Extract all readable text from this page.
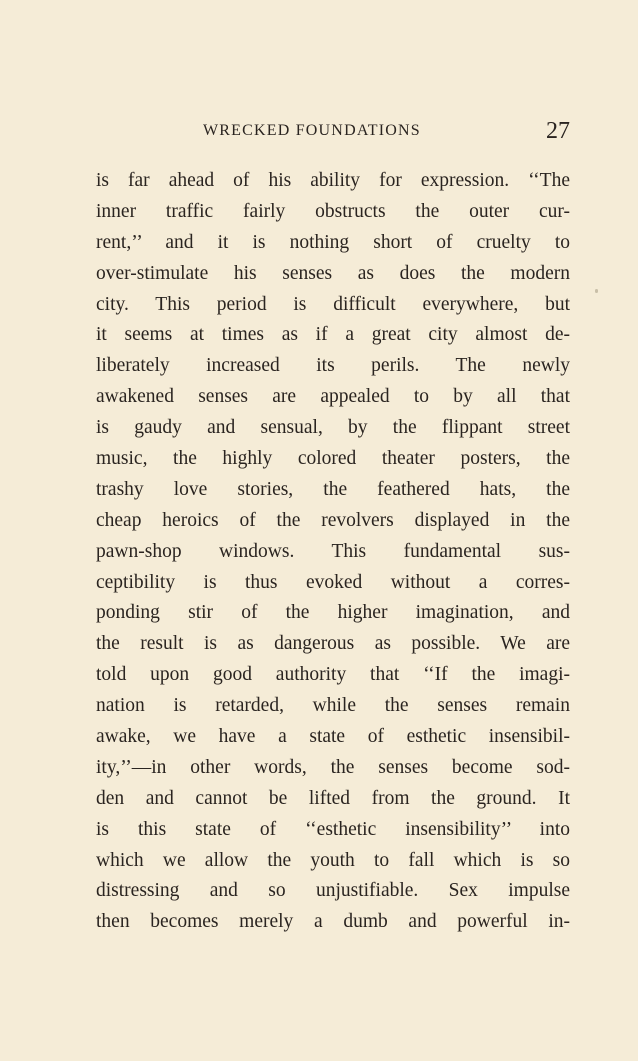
WRECKED FOUNDATIONS	27
is far ahead of his ability for expression. ‘‘The
inner traffic fairly obstructs the outer cur-
rent,’’ and it is nothing short of cruelty to
over-stimulate his senses as does the modern
city. This period is difficult everywhere, but
it seems at times as if a great city almost de-
liberately increased its perils. The newly
awakened senses are appealed to by all that
is gaudy and sensual, by the flippant street
music, the highly colored theater posters, the
trashy love stories, the feathered hats, the
cheap heroics of the revolvers displayed in the
pawn-shop windows. This fundamental sus-
ceptibility is thus evoked without a corres-
ponding stir of the higher imagination, and
the result is as dangerous as possible. We are
told upon good authority that ‘‘If the imagi-
nation is retarded, while the senses remain
awake, we have a state of esthetic insensibil-
ity,’’—in other words, the senses become sod-
den and cannot be lifted from the ground. It
is this state of ‘‘esthetic insensibility’’ into
which we allow the youth to fall which is so
distressing and so unjustifiable. Sex impulse
then becomes merely a dumb and powerful in-
